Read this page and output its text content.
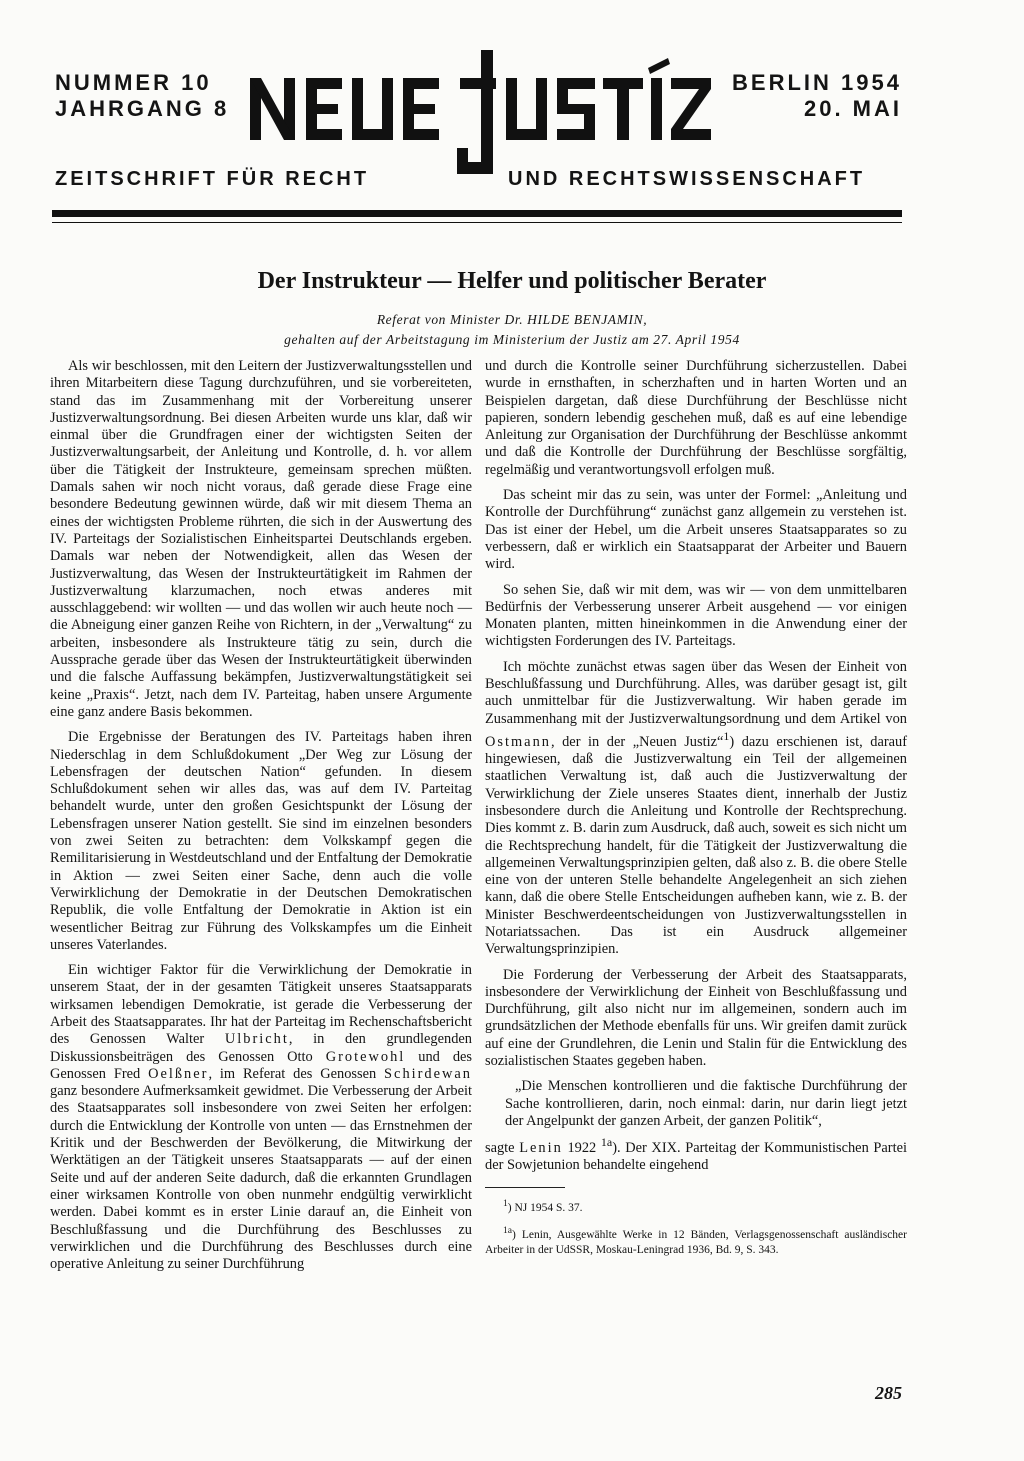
NUMMER 10
JAHRGANG 8
BERLIN 1954
20. MAI
ZEITSCHRIFT FÜR RECHT	UND RECHTSWISSENSCHAFT
Der Instrukteur — Helfer und politischer Berater
Referat von Minister Dr. HILDE BENJAMIN,
gehalten auf der Arbeitstagung im Ministerium der Justiz am 27. April 1954

Als wir beschlossen, mit den Leitern der Justizverwaltungsstellen und ihren Mitarbeitern diese Tagung durchzuführen, und sie vorbereiteten, stand das im Zusammenhang mit der Vorbereitung unserer Justizverwaltungsordnung. Bei diesen Arbeiten wurde uns klar, daß wir einmal über die Grundfragen einer der wichtigsten Seiten der Justizverwaltungsarbeit, der Anleitung und Kontrolle, d. h. vor allem über die Tätigkeit der Instrukteure, gemeinsam sprechen müßten. Damals sahen wir noch nicht voraus, daß gerade diese Frage eine besondere Bedeutung gewinnen würde, daß wir mit diesem Thema an eines der wichtigsten Probleme rührten, die sich in der Auswertung des IV. Parteitags der Sozialistischen Einheitspartei Deutschlands ergeben. Damals war neben der Notwendigkeit, allen das Wesen der Justizverwaltung, das Wesen der Instrukteurtätigkeit im Rahmen der Justizverwaltung klarzumachen, noch etwas anderes mit ausschlaggebend: wir wollten — und das wollen wir auch heute noch — die Abneigung einer ganzen Reihe von Richtern, in der „Verwaltung“ zu arbeiten, insbesondere als Instrukteure tätig zu sein, durch die Aussprache gerade über das Wesen der Instrukteurtätigkeit überwinden und die falsche Auffassung bekämpfen, Justizverwaltungstätigkeit sei keine „Praxis“. Jetzt, nach dem IV. Parteitag, haben unsere Argumente eine ganz andere Basis bekommen.

Die Ergebnisse der Beratungen des IV. Parteitags haben ihren Niederschlag in dem Schlußdokument „Der Weg zur Lösung der Lebensfragen der deutschen Nation“ gefunden. In diesem Schlußdokument sehen wir alles das, was auf dem IV. Parteitag behandelt wurde, unter den großen Gesichtspunkt der Lösung der Lebensfragen unserer Nation gestellt. Sie sind im einzelnen besonders von zwei Seiten zu betrachten: dem Volkskampf gegen die Remilitarisierung in Westdeutschland und der Entfaltung der Demokratie in Aktion — zwei Seiten einer Sache, denn auch die volle Verwirklichung der Demokratie in der Deutschen Demokratischen Republik, die volle Entfaltung der Demokratie in Aktion ist ein wesentlicher Beitrag zur Führung des Volkskampfes um die Einheit unseres Vaterlandes.

Ein wichtiger Faktor für die Verwirklichung der Demokratie in unserem Staat, der in der gesamten Tätigkeit unseres Staatsapparats wirksamen lebendigen Demokratie, ist gerade die Verbesserung der Arbeit des Staatsapparates. Ihr hat der Parteitag im Rechenschaftsbericht des Genossen Walter Ulbricht, in den grundlegenden Diskussionsbeiträgen des Genossen Otto Grotewohl und des Genossen Fred Oelßner, im Referat des Genossen Schirdewan ganz besondere Aufmerksamkeit gewidmet. Die Verbesserung der Arbeit des Staatsapparates soll insbesondere von zwei Seiten her erfolgen: durch die Entwicklung der Kontrolle von unten — das Ernstnehmen der Kritik und der Beschwerden der Bevölkerung, die Mitwirkung der Werktätigen an der Tätigkeit unseres Staatsapparats — auf der einen Seite und auf der anderen Seite dadurch, daß die erkannten Grundlagen einer wirksamen Kontrolle von oben nunmehr endgültig verwirklicht werden. Dabei kommt es in erster Linie darauf an, die Einheit von Beschlußfassung und die Durchführung des Beschlusses zu verwirklichen und die Durchführung des Beschlusses durch eine operative Anleitung zu seiner Durchführung

und durch die Kontrolle seiner Durchführung sicherzustellen. Dabei wurde in ernsthaften, in scherzhaften und in harten Worten und an Beispielen dargetan, daß diese Durchführung der Beschlüsse nicht papieren, sondern lebendig geschehen muß, daß es auf eine lebendige Anleitung zur Organisation der Durchführung der Beschlüsse ankommt und daß die Kontrolle der Durchführung der Beschlüsse sorgfältig, regelmäßig und verantwortungsvoll erfolgen muß.

Das scheint mir das zu sein, was unter der Formel: „Anleitung und Kontrolle der Durchführung“ zunächst ganz allgemein zu verstehen ist. Das ist einer der Hebel, um die Arbeit unseres Staatsapparates so zu verbessern, daß er wirklich ein Staatsapparat der Arbeiter und Bauern wird.

So sehen Sie, daß wir mit dem, was wir — von dem unmittelbaren Bedürfnis der Verbesserung unserer Arbeit ausgehend — vor einigen Monaten planten, mitten hineinkommen in die Anwendung einer der wichtigsten Forderungen des IV. Parteitags.

Ich möchte zunächst etwas sagen über das Wesen der Einheit von Beschlußfassung und Durchführung. Alles, was darüber gesagt ist, gilt auch unmittelbar für die Justizverwaltung. Wir haben gerade im Zusammenhang mit der Justizverwaltungsordnung und dem Artikel von Ostmann, der in der „Neuen Justiz“$^1$) dazu erschienen ist, darauf hingewiesen, daß die Justizverwaltung ein Teil der allgemeinen staatlichen Verwaltung ist, daß auch die Justizverwaltung der Verwirklichung der Ziele unseres Staates dient, innerhalb der Justiz insbesondere durch die Anleitung und Kontrolle der Rechtsprechung. Dies kommt z. B. darin zum Ausdruck, daß auch, soweit es sich nicht um die Rechtsprechung handelt, für die Tätigkeit der Justizverwaltung die allgemeinen Verwaltungsprinzipien gelten, daß also z. B. die obere Stelle eine von der unteren Stelle behandelte Angelegenheit an sich ziehen kann, daß die obere Stelle Entscheidungen aufheben kann, wie z. B. der Minister Beschwerdeentscheidungen von Justizverwaltungsstellen in Notariatssachen. Das ist ein Ausdruck allgemeiner Verwaltungsprinzipien.

Die Forderung der Verbesserung der Arbeit des Staatsapparats, insbesondere der Verwirklichung der Einheit von Beschlußfassung und Durchführung, gilt also nicht nur im allgemeinen, sondern auch im grundsätzlichen der Methode ebenfalls für uns. Wir greifen damit zurück auf eine der Grundlehren, die Lenin und Stalin für die Entwicklung des sozialistischen Staates gegeben haben.

„Die Menschen kontrollieren und die faktische Durchführung der Sache kontrollieren, darin, noch einmal: darin, nur darin liegt jetzt der Angelpunkt der ganzen Arbeit, der ganzen Politik“,

sagte Lenin 1922 $^{1a}$). Der XIX. Parteitag der Kommunistischen Partei der Sowjetunion behandelte eingehend

$^1$) NJ 1954 S. 37.

$^{1a}$) Lenin, Ausgewählte Werke in 12 Bänden, Verlagsgenossenschaft ausländischer Arbeiter in der UdSSR, Moskau-Leningrad 1936, Bd. 9, S. 343.

285
